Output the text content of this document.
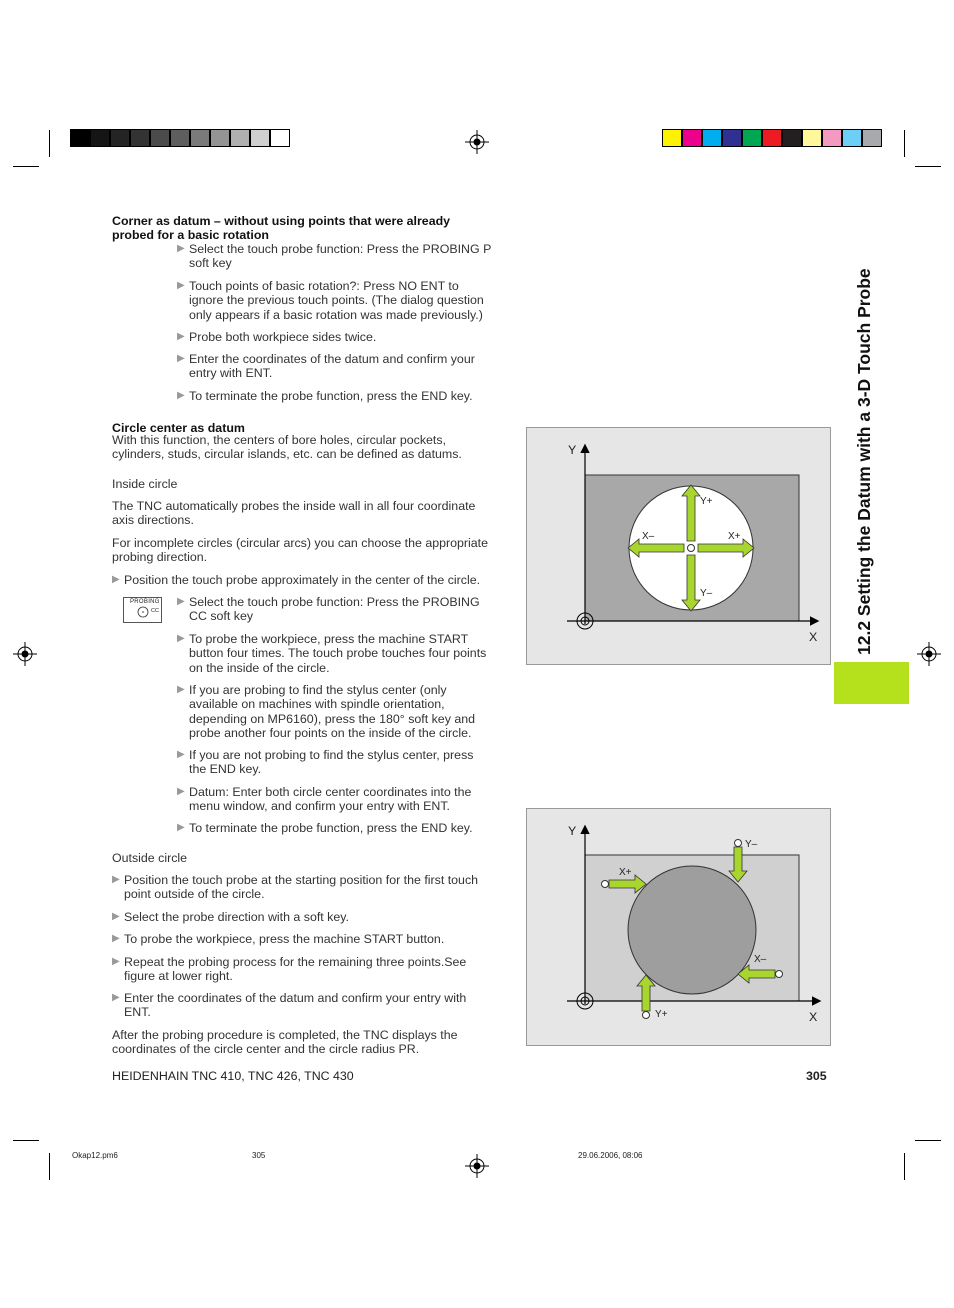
12.2 Setting the Datum with a 3-D Touch Probe
Corner as datum – without using points that were already
probed for a basic rotation
▶ Select the touch probe function: Press the PROBING P
soft key
▶ Touch points of basic rotation?: Press NO ENT to
ignore the previous touch points. (The dialog question
only appears if a basic rotation was made previously.)
▶ Probe both workpiece sides twice.
▶ Enter the coordinates of the datum and confirm your
entry with ENT.
▶ To terminate the probe function, press the END key.
Circle center as datum
With this function, the centers of bore holes, circular pockets,
cylinders, studs, circular islands, etc. can be defined as datums.
Inside circle
The TNC automatically probes the inside wall in all four coordinate
axis directions.
For incomplete circles (circular arcs) you can choose the appropriate
probing direction.
▶ Position the touch probe approximately in the center of the circle.
PROBING
CC
▶ Select the touch probe function: Press the PROBING
CC soft key
▶ To probe the workpiece, press the machine START
button four times. The touch probe touches four points
on the inside of the circle.
▶ If you are probing to find the stylus center (only
available on machines with spindle orientation,
depending on MP6160), press the 180° soft key and
probe another four points on the inside of the circle.
▶ If you are not probing to find the stylus center, press
the END key.
▶ Datum: Enter both circle center coordinates into the
menu window, and confirm your entry with ENT.
▶ To terminate the probe function, press the END key.
Outside circle
▶ Position the touch probe at the starting position for the first touch
point outside of the circle.
▶ Select the probe direction with a soft key.
▶ To probe the workpiece, press the machine START button.
▶ Repeat the probing process for the remaining three points.See
figure at lower right.
▶ Enter the coordinates of the datum and confirm your entry with
ENT.
After the probing procedure is completed, the TNC displays the
coordinates of the circle center and the circle radius PR.
Y
X
Y+
Y–
X–	X+
Y
X
X+
Y–
X–
Y+
HEIDENHAIN TNC 410, TNC 426, TNC 430	305
Okap12.pm6	305	29.06.2006, 08:06
